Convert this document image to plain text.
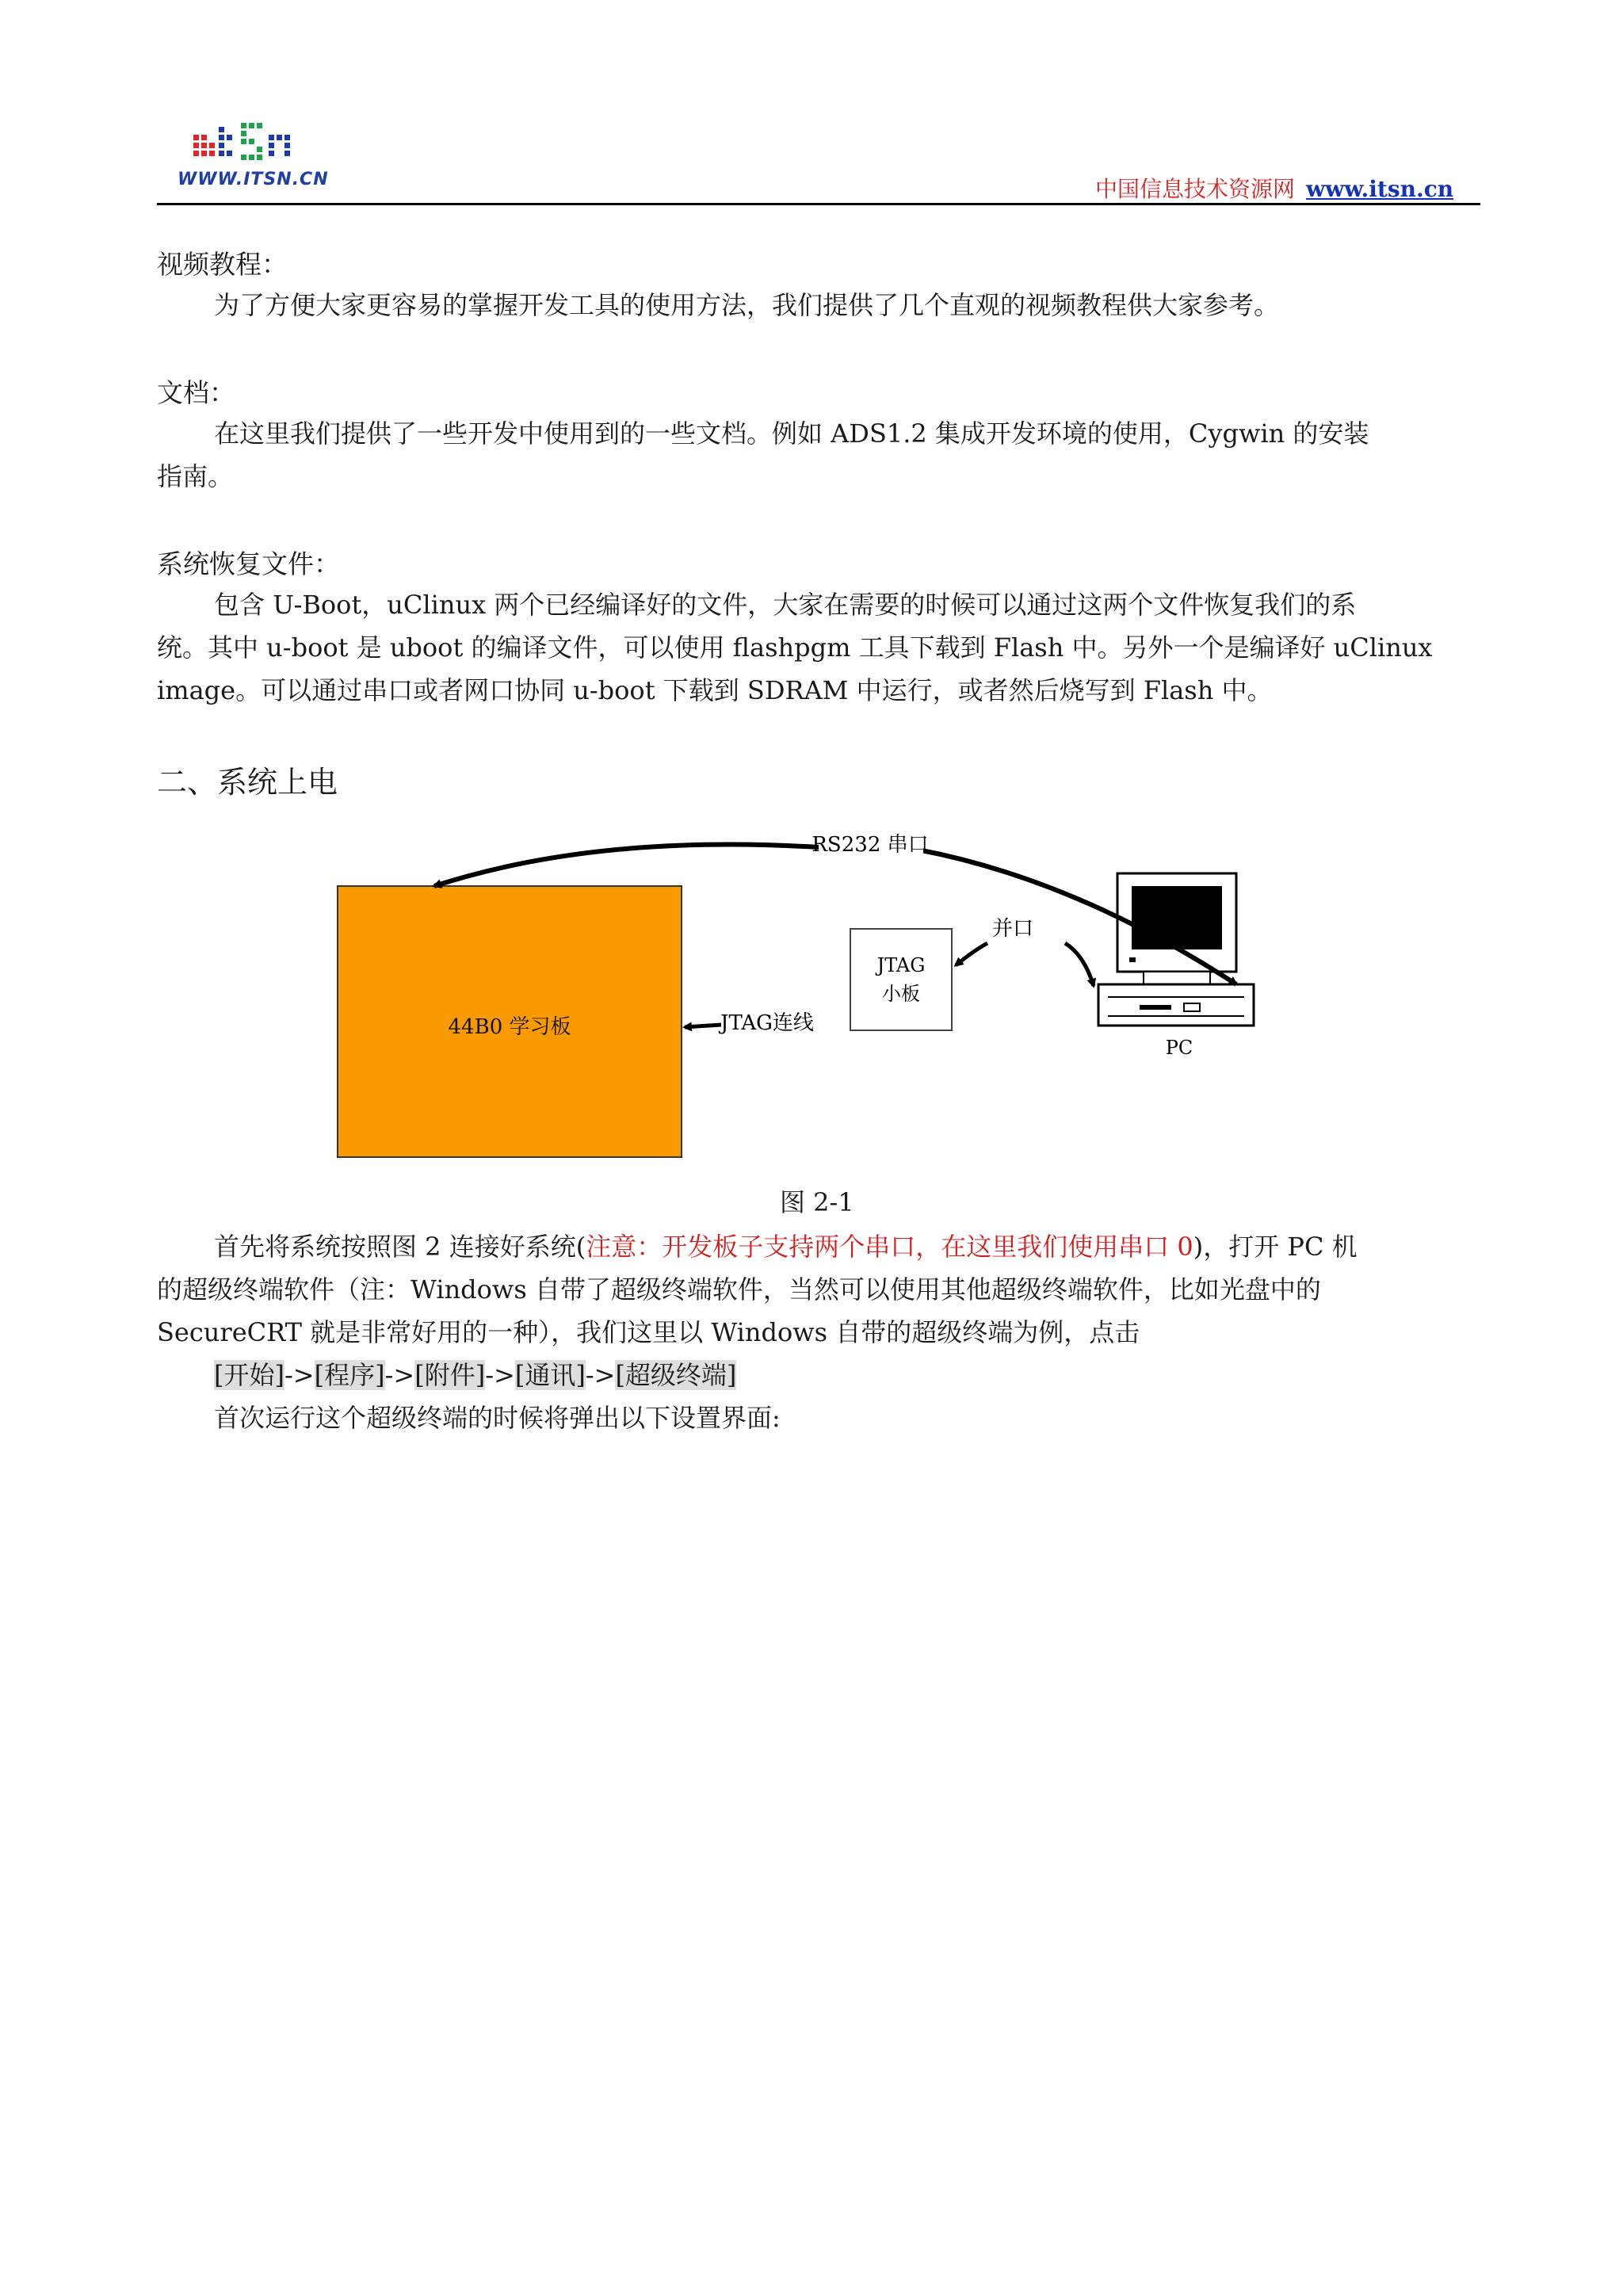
WWW.ITSN.CN	中国信息技术资源网 www.itsn.cn
视频教程：
为了方便大家更容易的掌握开发工具的使用方法，我们提供了几个直观的视频教程供大家参考。
文档：
在这里我们提供了一些开发中使用到的一些文档。例如 ADS1.2 集成开发环境的使用，Cygwin 的安装
指南。
系统恢复文件：
包含 U-Boot，uClinux 两个已经编译好的文件，大家在需要的时候可以通过这两个文件恢复我们的系
统。其中 u-boot 是 uboot 的编译文件，可以使用 flashpgm 工具下载到 Flash 中。另外一个是编译好 uClinux
image。可以通过串口或者网口协同 u-boot 下载到 SDRAM 中运行，或者然后烧写到 Flash 中。
二、系统上电
44B0 学习板
JTAG
小板
PC
RS232 串口
并口
JTAG连线
图 2-1
首先将系统按照图 2 连接好系统(注意：开发板子支持两个串口，在这里我们使用串口 0)，打开 PC 机
的超级终端软件（注：Windows 自带了超级终端软件，当然可以使用其他超级终端软件，比如光盘中的
SecureCRT 就是非常好用的一种），我们这里以 Windows 自带的超级终端为例，点击
[开始]->[程序]->[附件]->[通讯]->[超级终端]
首次运行这个超级终端的时候将弹出以下设置界面:
